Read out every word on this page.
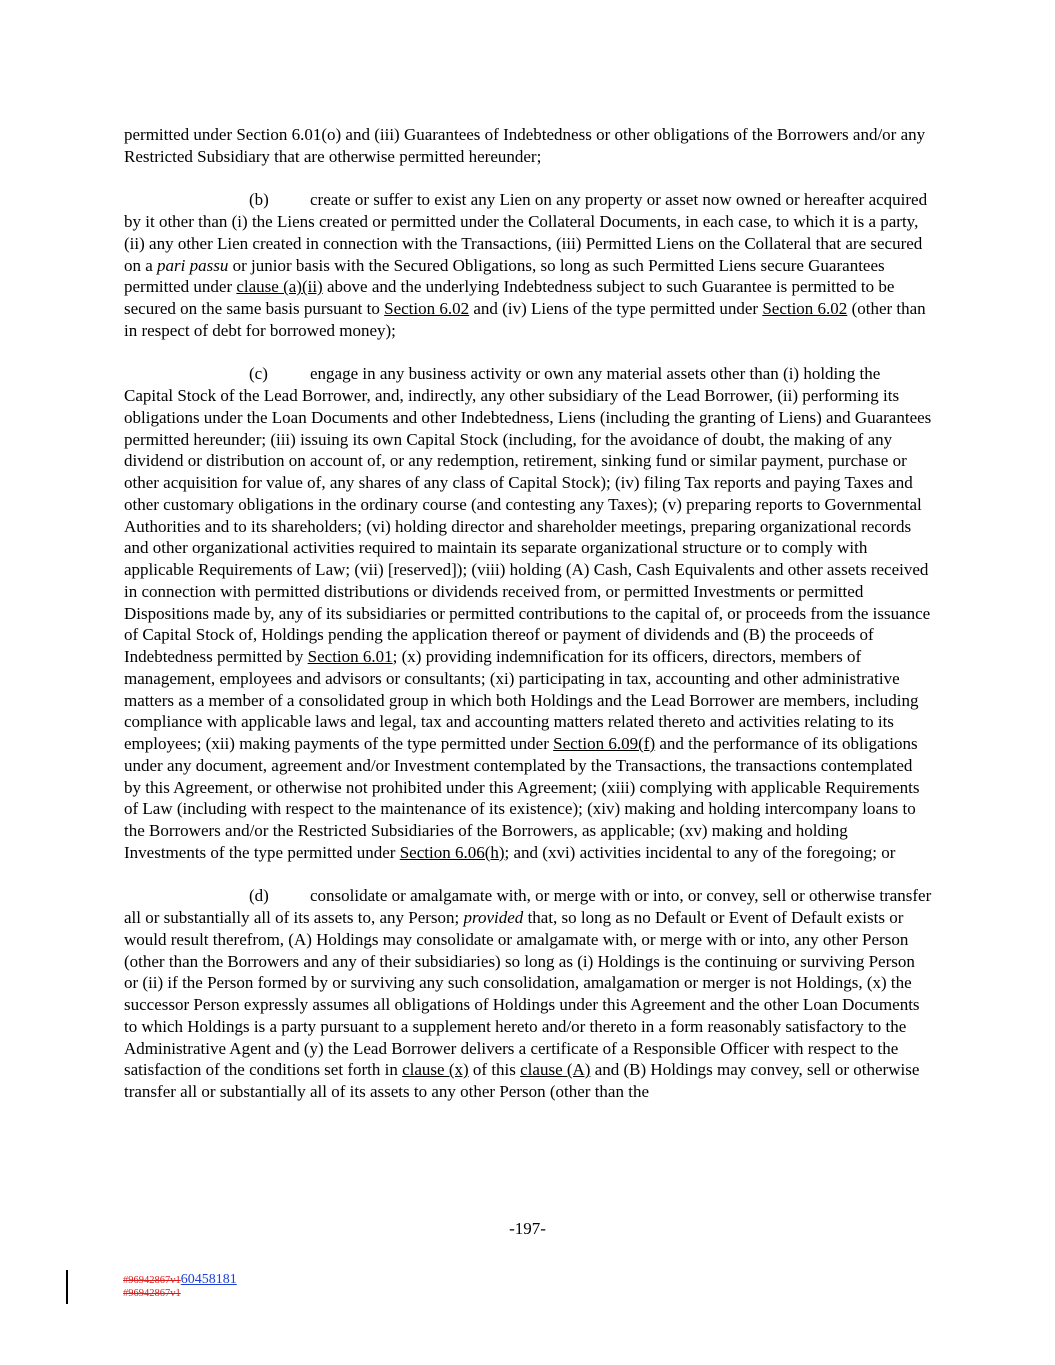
permitted under Section 6.01(o) and (iii) Guarantees of Indebtedness or other obligations of the Borrowers and/or any Restricted Subsidiary that are otherwise permitted hereunder;

(b) create or suffer to exist any Lien on any property or asset now owned or hereafter acquired by it other than (i) the Liens created or permitted under the Collateral Documents, in each case, to which it is a party, (ii) any other Lien created in connection with the Transactions, (iii) Permitted Liens on the Collateral that are secured on a pari passu or junior basis with the Secured Obligations, so long as such Permitted Liens secure Guarantees permitted under clause (a)(ii) above and the underlying Indebtedness subject to such Guarantee is permitted to be secured on the same basis pursuant to Section 6.02 and (iv) Liens of the type permitted under Section 6.02 (other than in respect of debt for borrowed money);

(c) engage in any business activity or own any material assets other than (i) holding the Capital Stock of the Lead Borrower, and, indirectly, any other subsidiary of the Lead Borrower, (ii) performing its obligations under the Loan Documents and other Indebtedness, Liens (including the granting of Liens) and Guarantees permitted hereunder; (iii) issuing its own Capital Stock (including, for the avoidance of doubt, the making of any dividend or distribution on account of, or any redemption, retirement, sinking fund or similar payment, purchase or other acquisition for value of, any shares of any class of Capital Stock); (iv) filing Tax reports and paying Taxes and other customary obligations in the ordinary course (and contesting any Taxes); (v) preparing reports to Governmental Authorities and to its shareholders; (vi) holding director and shareholder meetings, preparing organizational records and other organizational activities required to maintain its separate organizational structure or to comply with applicable Requirements of Law; (vii) [reserved]); (viii) holding (A) Cash, Cash Equivalents and other assets received in connection with permitted distributions or dividends received from, or permitted Investments or permitted Dispositions made by, any of its subsidiaries or permitted contributions to the capital of, or proceeds from the issuance of Capital Stock of, Holdings pending the application thereof or payment of dividends and (B) the proceeds of Indebtedness permitted by Section 6.01; (x) providing indemnification for its officers, directors, members of management, employees and advisors or consultants; (xi) participating in tax, accounting and other administrative matters as a member of a consolidated group in which both Holdings and the Lead Borrower are members, including compliance with applicable laws and legal, tax and accounting matters related thereto and activities relating to its employees; (xii) making payments of the type permitted under Section 6.09(f) and the performance of its obligations under any document, agreement and/or Investment contemplated by the Transactions, the transactions contemplated by this Agreement, or otherwise not prohibited under this Agreement; (xiii) complying with applicable Requirements of Law (including with respect to the maintenance of its existence); (xiv) making and holding intercompany loans to the Borrowers and/or the Restricted Subsidiaries of the Borrowers, as applicable; (xv) making and holding Investments of the type permitted under Section 6.06(h); and (xvi) activities incidental to any of the foregoing; or

(d) consolidate or amalgamate with, or merge with or into, or convey, sell or otherwise transfer all or substantially all of its assets to, any Person; provided that, so long as no Default or Event of Default exists or would result therefrom, (A) Holdings may consolidate or amalgamate with, or merge with or into, any other Person (other than the Borrowers and any of their subsidiaries) so long as (i) Holdings is the continuing or surviving Person or (ii) if the Person formed by or surviving any such consolidation, amalgamation or merger is not Holdings, (x) the successor Person expressly assumes all obligations of Holdings under this Agreement and the other Loan Documents to which Holdings is a party pursuant to a supplement hereto and/or thereto in a form reasonably satisfactory to the Administrative Agent and (y) the Lead Borrower delivers a certificate of a Responsible Officer with respect to the satisfaction of the conditions set forth in clause (x) of this clause (A) and (B) Holdings may convey, sell or otherwise transfer all or substantially all of its assets to any other Person (other than the

-197-
#96942867v160458181
#96942867v1
